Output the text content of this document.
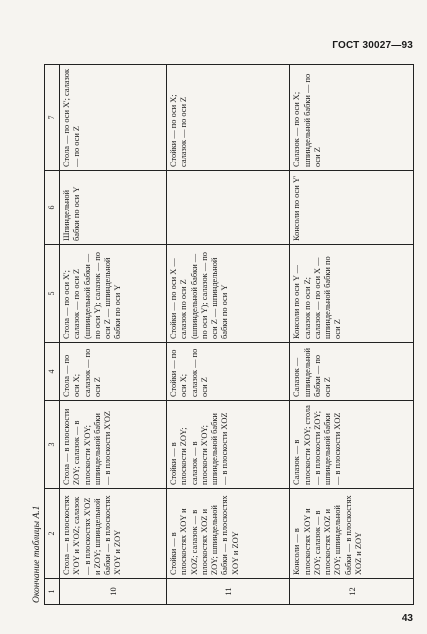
ГОСТ 30027—93
Окончание таблицы А.1 1	2	3	4	5	6	7
10	Стола — в плоскостях X'OY и X'OZ; салазок — в плоскостях X'OZ и ZOY; шпиндельной бабки — в плоскостях X'OY и ZOY	Стола — в плоскости ZOY; салазок — в плоскости X'OY; шпиндельной бабки — в плоскости X'OZ	Стола — по оси X; салазок — по оси Z	Стола — по оси X'; салазок — по оси Z (шпиндельной бабки — по оси Y); салазок — по оси Z — шпиндельной бабки по оси Y	Шпиндельной бабки по оси Y	Стола — по оси X'; салазок — по оси Z
11	Стойки — в плоскостях XOY и XOZ; салазок — в плоскостях XOZ и ZOY; шпиндельной бабки — в плоскостях XOY и ZOY	Стойки — в плоскости ZOY; салазок — в плоскости X'OY; шпиндельной бабки — в плоскости XOZ	Стойки — по оси X; салазок — по оси Z	Стойки — по оси X — салазок по оси Z (шпиндельной бабки — по оси Y); салазок — по оси Z — шпиндельной бабки по оси Y		Стойки — по оси X; салазок — по оси Z
12	Консоли — в плоскостях XOY и ZOY; салазок — в плоскостях XOZ и ZOY; шпиндельной бабки — в плоскостях XOZ и ZOY	Салазок — в плоскости XOY; стола — в плоскости ZOY; шпиндельной бабки — в плоскости XOZ	Салазок — шпиндельной бабки — по оси Z	Консоли по оси Y — салазок по оси Z; салазок — по оси X — шпиндельной бабки по оси Z	Консоли по оси Y'	Салазок — по оси X; шпиндельной бабки — по оси Z
43
